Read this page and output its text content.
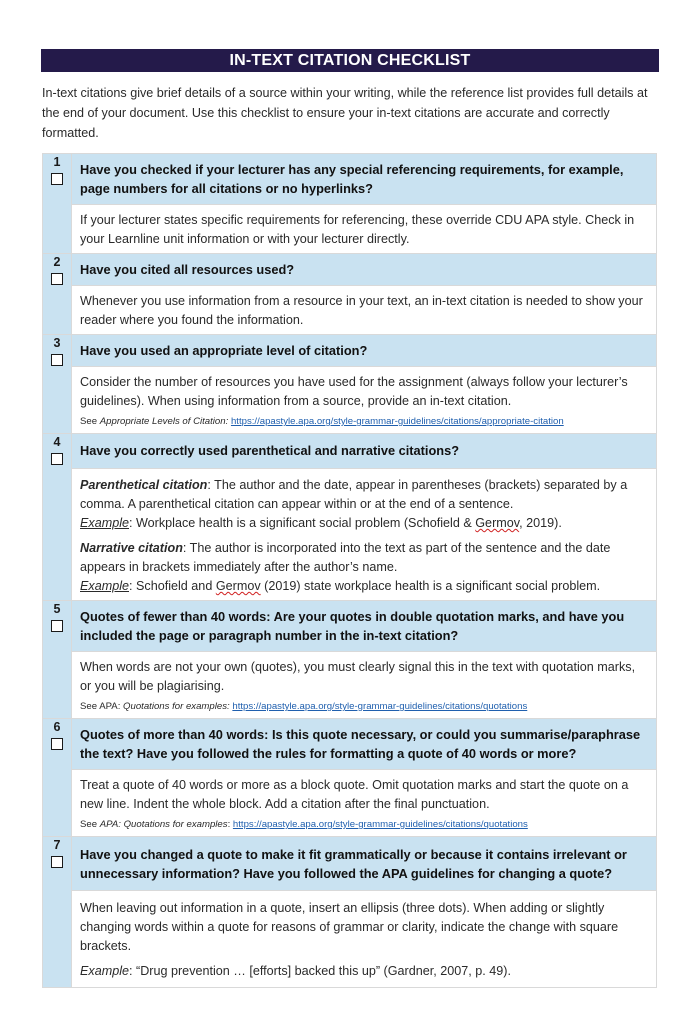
IN-TEXT CITATION CHECKLIST
In-text citations give brief details of a source within your writing, while the reference list provides full details at the end of your document. Use this checklist to ensure your in-text citations are accurate and correctly formatted.
1	Have you checked if your lecturer has any special referencing requirements, for example, page numbers for all citations or no hyperlinks?

	If your lecturer states specific requirements for referencing, these override CDU APA style. Check in your Learnline unit information or with your lecturer directly.

2	Have you cited all resources used?

	Whenever you use information from a resource in your text, an in-text citation is needed to show your reader where you found the information.

3	Have you used an appropriate level of citation?

	Consider the number of resources you have used for the assignment (always follow your lecturer’s guidelines). When using information from a source, provide an in-text citation.

See Appropriate Levels of Citation: https://apastyle.apa.org/style-grammar-guidelines/citations/appropriate-citation

4	Have you correctly used parenthetical and narrative citations?

	Parenthetical citation: The author and the date, appear in parentheses (brackets) separated by a comma. A parenthetical citation can appear within or at the end of a sentence.
Example: Workplace health is a significant social problem (Schofield & Germov, 2019).

Narrative citation: The author is incorporated into the text as part of the sentence and the date appears in brackets immediately after the author’s name.
Example: Schofield and Germov (2019) state workplace health is a significant social problem.

5	Quotes of fewer than 40 words: Are your quotes in double quotation marks, and have you included the page or paragraph number in the in-text citation?

	When words are not your own (quotes), you must clearly signal this in the text with quotation marks, or you will be plagiarising.

See APA: Quotations for examples: https://apastyle.apa.org/style-grammar-guidelines/citations/quotations

6	Quotes of more than 40 words: Is this quote necessary, or could you summarise/paraphrase the text? Have you followed the rules for formatting a quote of 40 words or more?

	Treat a quote of 40 words or more as a block quote. Omit quotation marks and start the quote on a new line. Indent the whole block. Add a citation after the final punctuation.

See APA: Quotations for examples: https://apastyle.apa.org/style-grammar-guidelines/citations/quotations

7	Have you changed a quote to make it fit grammatically or because it contains irrelevant or unnecessary information? Have you followed the APA guidelines for changing a quote?

	When leaving out information in a quote, insert an ellipsis (three dots). When adding or slightly changing words within a quote for reasons of grammar or clarity, indicate the change with square brackets.

Example: “Drug prevention … [efforts] backed this up” (Gardner, 2007, p. 49).
